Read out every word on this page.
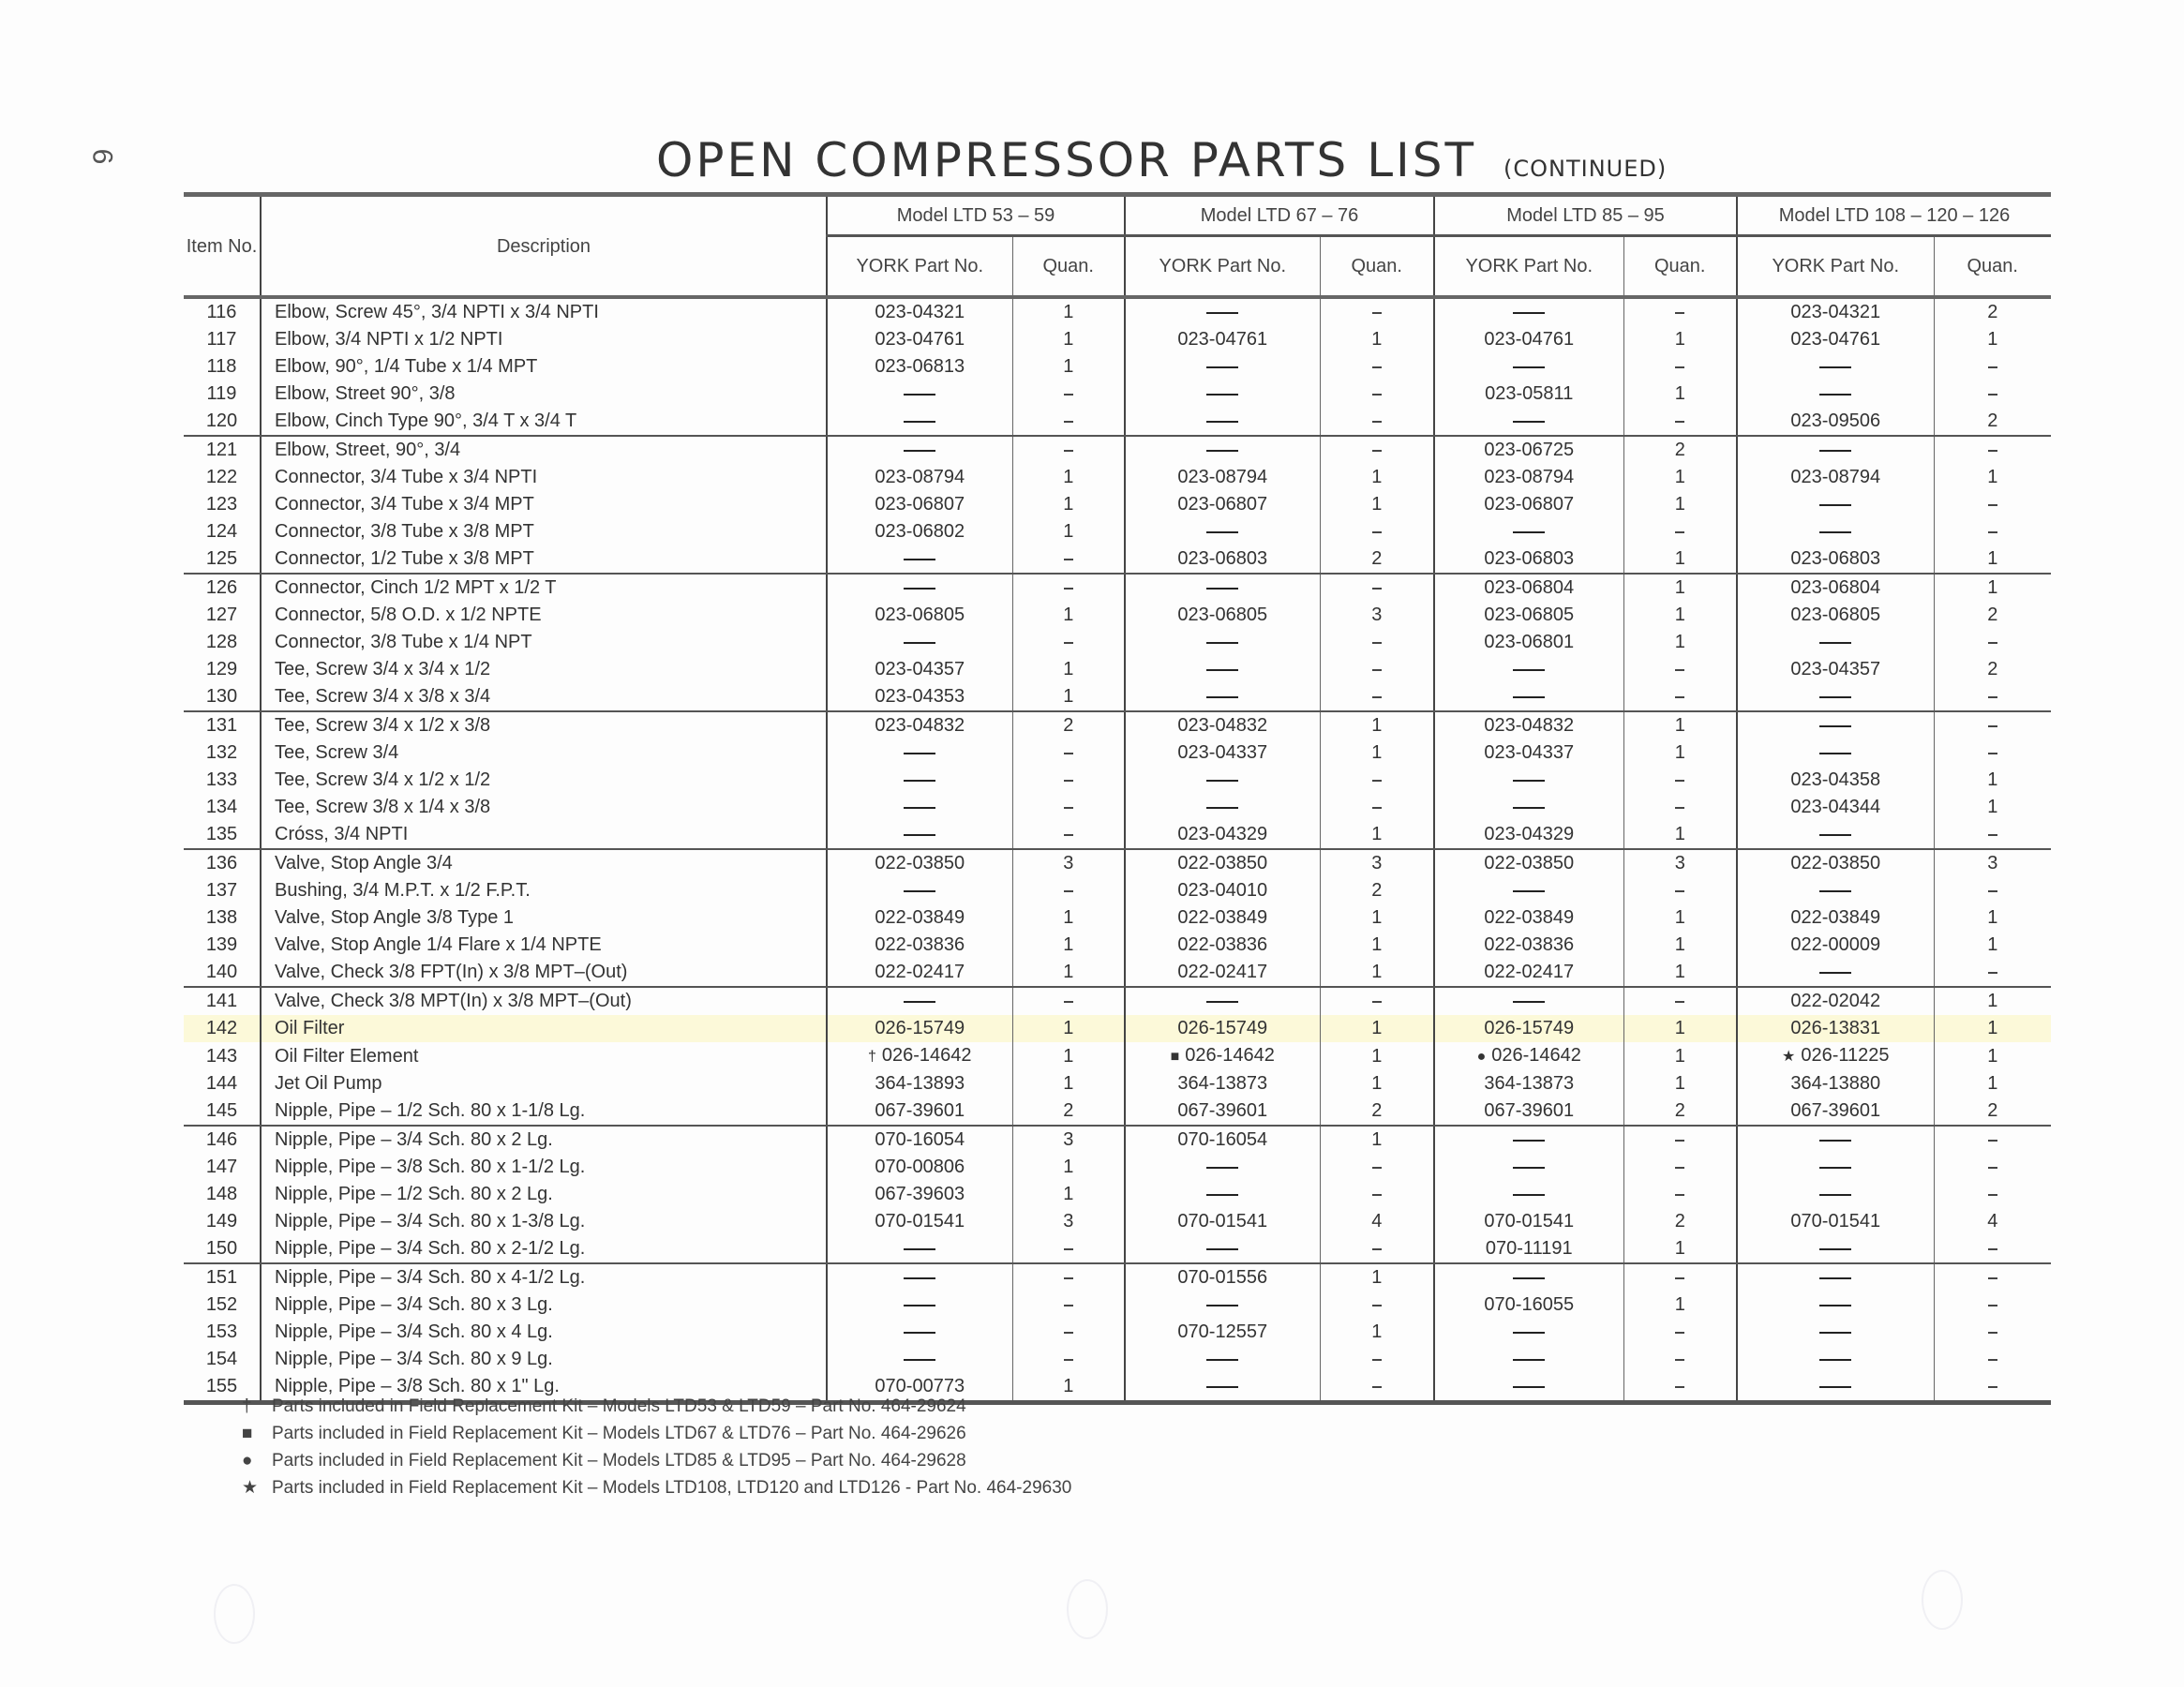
6	OPEN COMPRESSOR PARTS LIST (CONTINUED)
Item No.	Description	Model LTD 53 – 59		Model LTD 67 – 76		Model LTD 85 – 95		Model LTD 108 – 120 – 126	
		YORK Part No.	Quan.	YORK Part No.	Quan.	YORK Part No.	Quan.	YORK Part No.	Quan.
116	Elbow, Screw 45°, 3/4 NPTI x 3/4 NPTI	023-04321	1					023-04321	2
117	Elbow, 3/4 NPTI x 1/2 NPTI	023-04761	1	023-04761	1	023-04761	1	023-04761	1
118	Elbow, 90°, 1/4 Tube x 1/4 MPT	023-06813	1						
119	Elbow, Street 90°, 3/8					023-05811	1		
120	Elbow, Cinch Type 90°, 3/4 T x 3/4 T							023-09506	2
121	Elbow, Street, 90°, 3/4					023-06725	2		
122	Connector, 3/4 Tube x 3/4 NPTI	023-08794	1	023-08794	1	023-08794	1	023-08794	1
123	Connector, 3/4 Tube x 3/4 MPT	023-06807	1	023-06807	1	023-06807	1		
124	Connector, 3/8 Tube x 3/8 MPT	023-06802	1						
125	Connector, 1/2 Tube x 3/8 MPT			023-06803	2	023-06803	1	023-06803	1
126	Connector, Cinch 1/2 MPT x 1/2 T					023-06804	1	023-06804	1
127	Connector, 5/8 O.D. x 1/2 NPTE	023-06805	1	023-06805	3	023-06805	1	023-06805	2
128	Connector, 3/8 Tube x 1/4 NPT					023-06801	1		
129	Tee, Screw 3/4 x 3/4 x 1/2	023-04357	1					023-04357	2
130	Tee, Screw 3/4 x 3/8 x 3/4	023-04353	1						
131	Tee, Screw 3/4 x 1/2 x 3/8	023-04832	2	023-04832	1	023-04832	1		
132	Tee, Screw 3/4			023-04337	1	023-04337	1		
133	Tee, Screw 3/4 x 1/2 x 1/2							023-04358	1
134	Tee, Screw 3/8 x 1/4 x 3/8							023-04344	1
135	Cróss, 3/4 NPTI			023-04329	1	023-04329	1		
136	Valve, Stop Angle 3/4	022-03850	3	022-03850	3	022-03850	3	022-03850	3
137	Bushing, 3/4 M.P.T. x 1/2 F.P.T.			023-04010	2				
138	Valve, Stop Angle 3/8 Type 1	022-03849	1	022-03849	1	022-03849	1	022-03849	1
139	Valve, Stop Angle 1/4 Flare x 1/4 NPTE	022-03836	1	022-03836	1	022-03836	1	022-00009	1
140	Valve, Check 3/8 FPT(In) x 3/8 MPT–(Out)	022-02417	1	022-02417	1	022-02417	1		
141	Valve, Check 3/8 MPT(In) x 3/8 MPT–(Out)							022-02042	1
142	Oil Filter	026-15749	1	026-15749	1	026-15749	1	026-13831	1
143	Oil Filter Element	† 026-14642	1	■ 026-14642	1	● 026-14642	1	★ 026-11225	1
144	Jet Oil Pump	364-13893	1	364-13873	1	364-13873	1	364-13880	1
145	Nipple, Pipe – 1/2 Sch. 80 x 1-1/8 Lg.	067-39601	2	067-39601	2	067-39601	2	067-39601	2
146	Nipple, Pipe – 3/4 Sch. 80 x 2 Lg.	070-16054	3	070-16054	1				
147	Nipple, Pipe – 3/8 Sch. 80 x 1-1/2 Lg.	070-00806	1						
148	Nipple, Pipe – 1/2 Sch. 80 x 2 Lg.	067-39603	1						
149	Nipple, Pipe – 3/4 Sch. 80 x 1-3/8 Lg.	070-01541	3	070-01541	4	070-01541	2	070-01541	4
150	Nipple, Pipe – 3/4 Sch. 80 x 2-1/2 Lg.					070-11191	1		
151	Nipple, Pipe – 3/4 Sch. 80 x 4-1/2 Lg.			070-01556	1				
152	Nipple, Pipe – 3/4 Sch. 80 x 3 Lg.					070-16055	1		
153	Nipple, Pipe – 3/4 Sch. 80 x 4 Lg.			070-12557	1				
154	Nipple, Pipe – 3/4 Sch. 80 x 9 Lg.								
155	Nipple, Pipe – 3/8 Sch. 80 x 1" Lg.	070-00773	1						
† Parts included in Field Replacement Kit – Models LTD53 & LTD59 – Part No. 464-29624
■ Parts included in Field Replacement Kit – Models LTD67 & LTD76 – Part No. 464-29626
● Parts included in Field Replacement Kit – Models LTD85 & LTD95 – Part No. 464-29628
★ Parts included in Field Replacement Kit – Models LTD108, LTD120 and LTD126 - Part No. 464-29630
